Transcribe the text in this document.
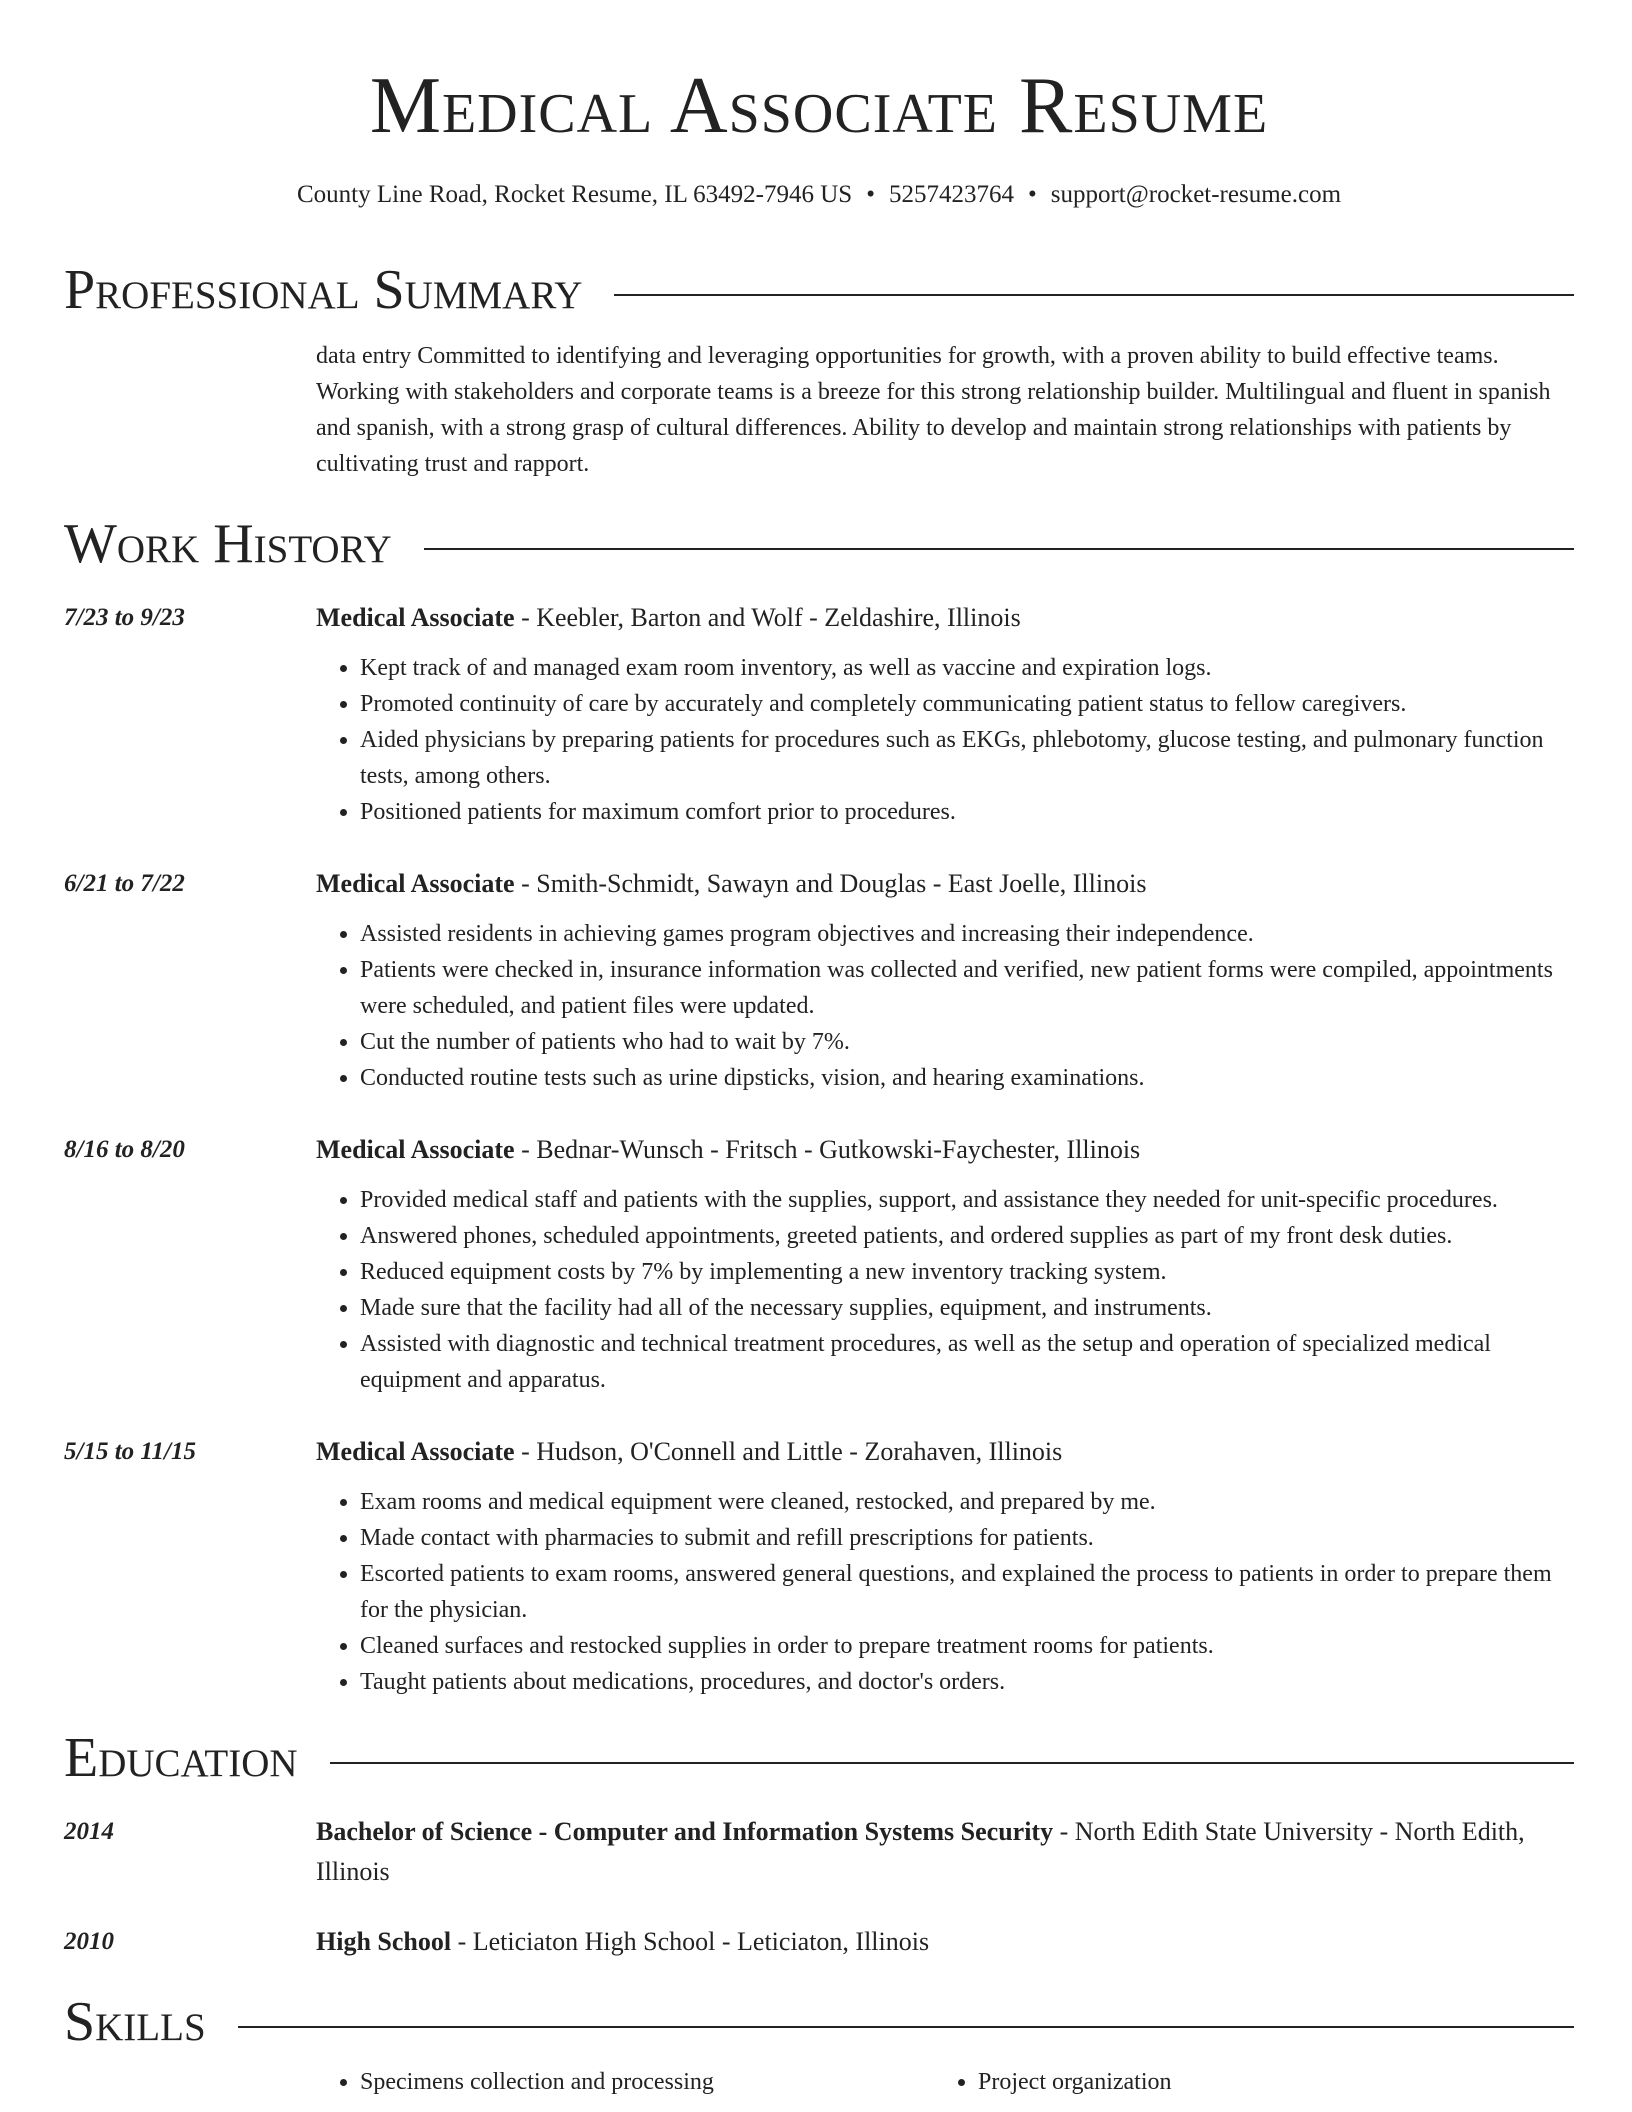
Medical Associate Resume
County Line Road, Rocket Resume, IL 63492-7946 US • 5257423764 • support@rocket-resume.com
Professional Summary
data entry Committed to identifying and leveraging opportunities for growth, with a proven ability to build effective teams. Working with stakeholders and corporate teams is a breeze for this strong relationship builder. Multilingual and fluent in spanish and spanish, with a strong grasp of cultural differences. Ability to develop and maintain strong relationships with patients by cultivating trust and rapport.
Work History
7/23 to 9/23	Medical Associate - Keebler, Barton and Wolf - Zeldashire, Illinois
• Kept track of and managed exam room inventory, as well as vaccine and expiration logs.
• Promoted continuity of care by accurately and completely communicating patient status to fellow caregivers.
• Aided physicians by preparing patients for procedures such as EKGs, phlebotomy, glucose testing, and pulmonary function tests, among others.
• Positioned patients for maximum comfort prior to procedures.
6/21 to 7/22	Medical Associate - Smith-Schmidt, Sawayn and Douglas - East Joelle, Illinois
• Assisted residents in achieving games program objectives and increasing their independence.
• Patients were checked in, insurance information was collected and verified, new patient forms were compiled, appointments were scheduled, and patient files were updated.
• Cut the number of patients who had to wait by 7%.
• Conducted routine tests such as urine dipsticks, vision, and hearing examinations.
8/16 to 8/20	Medical Associate - Bednar-Wunsch - Fritsch - Gutkowski-Faychester, Illinois
• Provided medical staff and patients with the supplies, support, and assistance they needed for unit-specific procedures.
• Answered phones, scheduled appointments, greeted patients, and ordered supplies as part of my front desk duties.
• Reduced equipment costs by 7% by implementing a new inventory tracking system.
• Made sure that the facility had all of the necessary supplies, equipment, and instruments.
• Assisted with diagnostic and technical treatment procedures, as well as the setup and operation of specialized medical equipment and apparatus.
5/15 to 11/15	Medical Associate - Hudson, O'Connell and Little - Zorahaven, Illinois
• Exam rooms and medical equipment were cleaned, restocked, and prepared by me.
• Made contact with pharmacies to submit and refill prescriptions for patients.
• Escorted patients to exam rooms, answered general questions, and explained the process to patients in order to prepare them for the physician.
• Cleaned surfaces and restocked supplies in order to prepare treatment rooms for patients.
• Taught patients about medications, procedures, and doctor's orders.
Education
2014	Bachelor of Science - Computer and Information Systems Security - North Edith State University - North Edith, Illinois
2010	High School - Leticiaton High School - Leticiaton, Illinois
Skills
• Specimens collection and processing
•	Project organization
